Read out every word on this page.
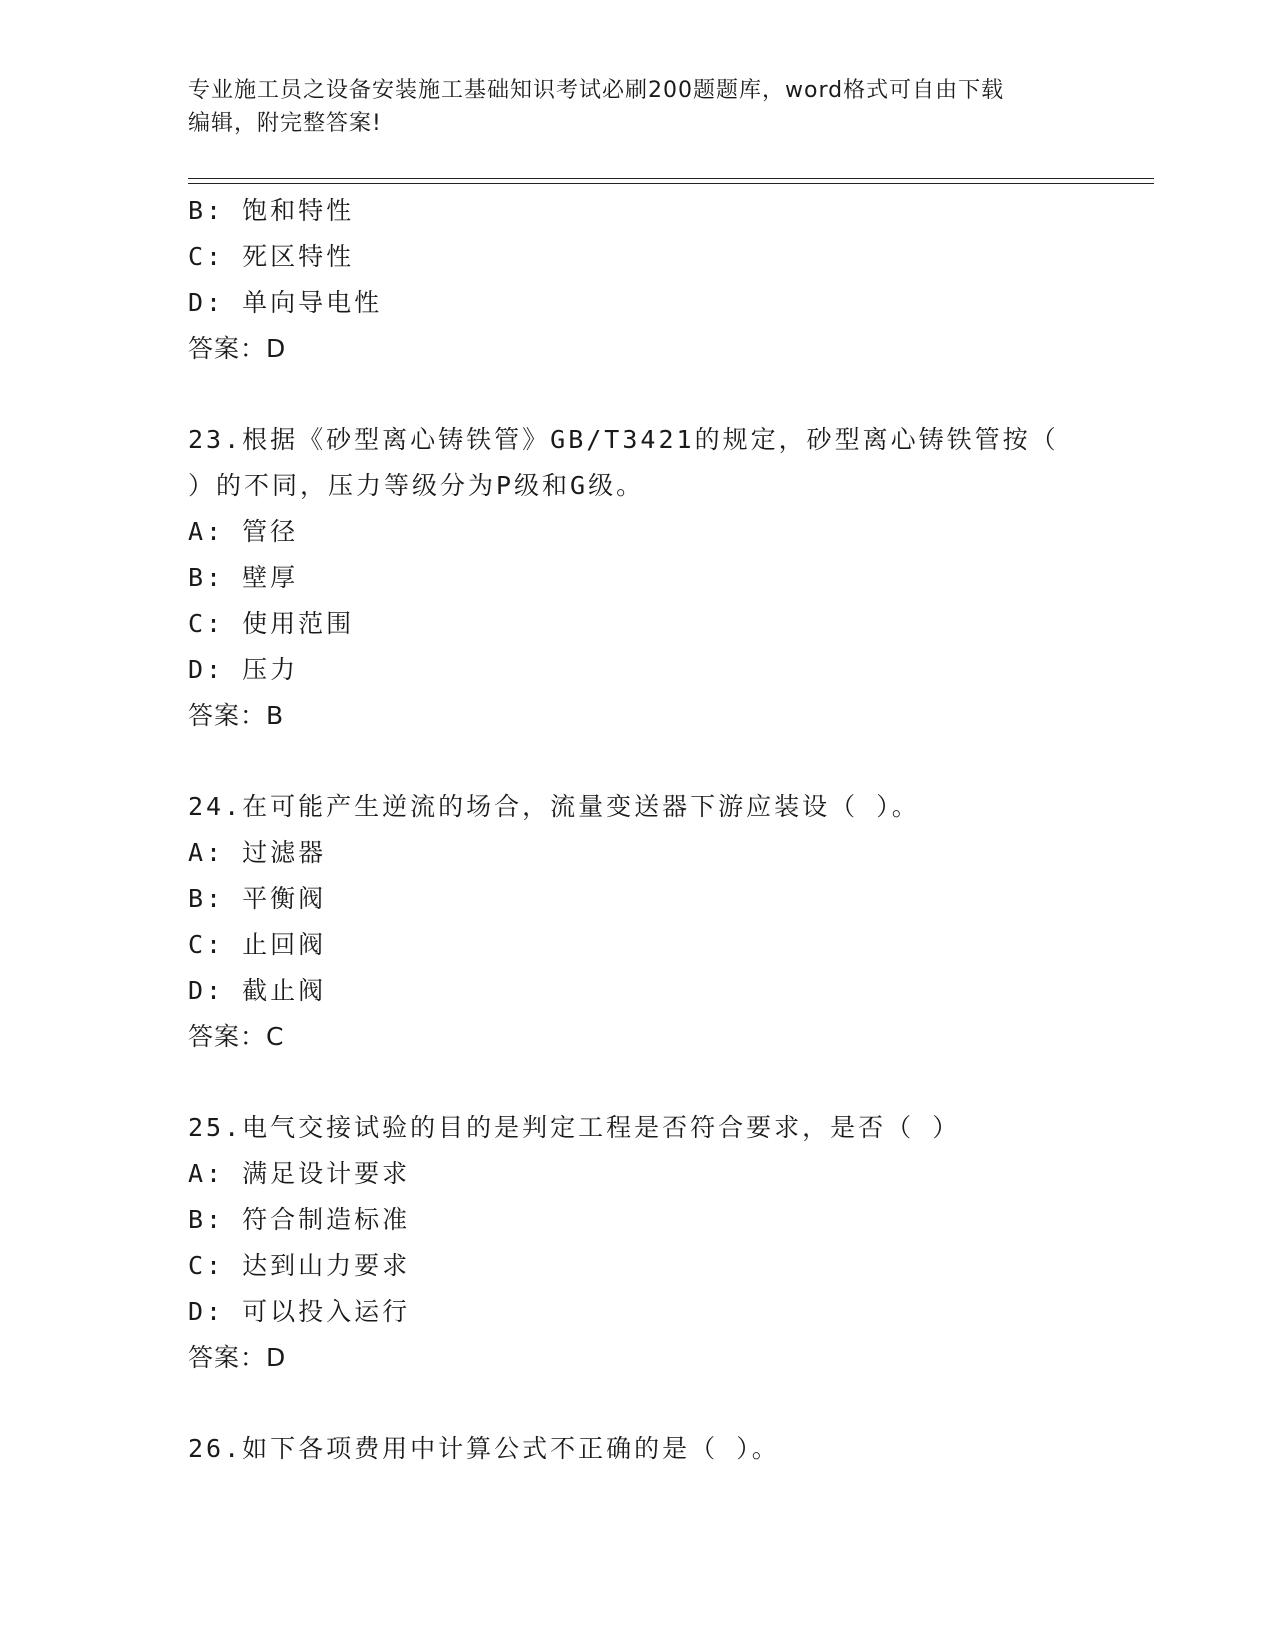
专业施工员之设备安装施工基础知识考试必刷200题题库，word格式可自由下载
编辑，附完整答案!
B: 饱和特性
C: 死区特性
D: 单向导电性
答案：D
23.根据《砂型离心铸铁管》GB/T3421的规定，砂型离心铸铁管按（
）的不同，压力等级分为P级和G级。
A: 管径
B: 壁厚
C: 使用范围
D: 压力
答案：B
24.在可能产生逆流的场合，流量变送器下游应装设（ ）。
A: 过滤器
B: 平衡阀
C: 止回阀
D: 截止阀
答案：C
25.电气交接试验的目的是判定工程是否符合要求，是否（ ）
A: 满足设计要求
B: 符合制造标准
C: 达到山力要求
D: 可以投入运行
答案：D
26.如下各项费用中计算公式不正确的是（ ）。
